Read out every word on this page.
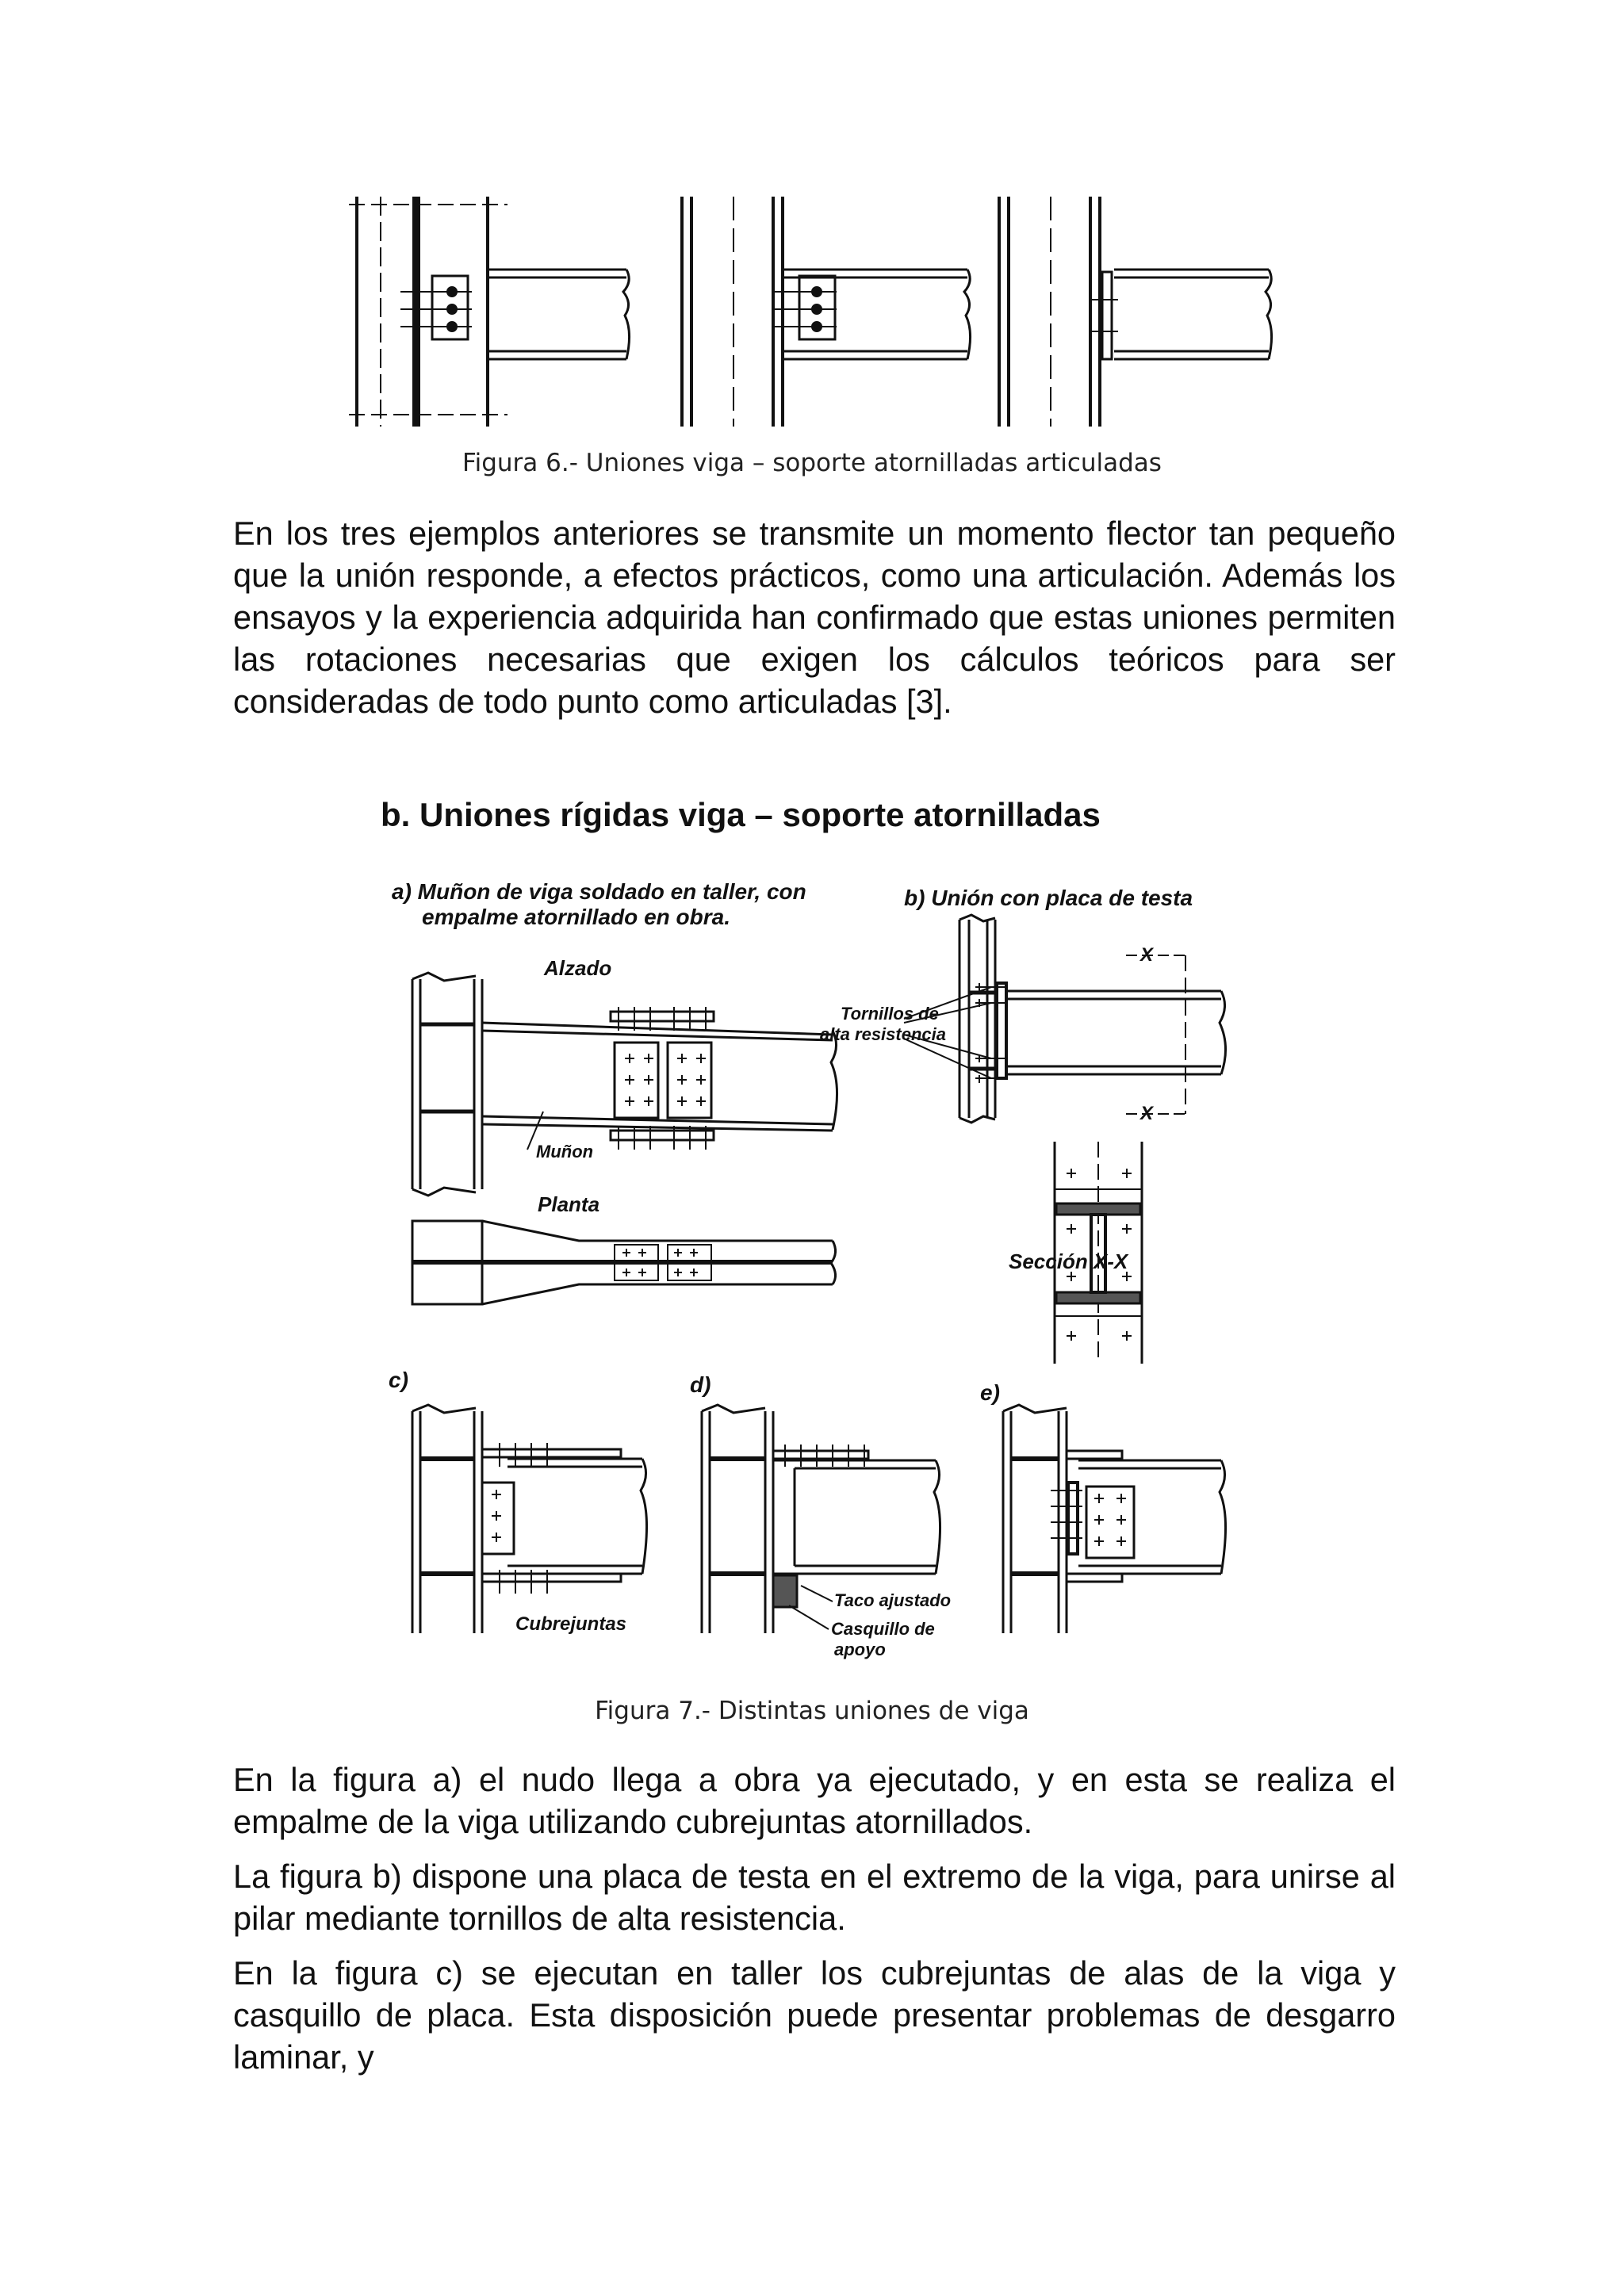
Figura 6.- Uniones viga – soporte atornilladas articuladas

En los tres ejemplos anteriores se transmite un momento flector tan pequeño que la unión responde, a efectos prácticos, como una articulación. Además los ensayos y la experiencia adquirida han confirmado que estas uniones permiten las rotaciones necesarias que exigen los cálculos teóricos para ser consideradas de todo punto como articuladas [3].

b. Uniones rígidas viga – soporte atornilladas
a) Muñon de viga soldado en taller, con
empalme atornillado en obra.
b) Unión con placa de testa
Alzado
Planta
Muñon
Tornillos de
alta resistencia
Sección X-X
X
X
c)	d)	e)
Cubrejuntas
Taco ajustado
Casquillo de
apoyo
Figura 7.- Distintas uniones de viga

En la figura a) el nudo llega a obra ya ejecutado, y en esta se realiza el empalme de la viga utilizando cubrejuntas atornillados.

La figura b) dispone una placa de testa en el extremo de la viga, para unirse al pilar mediante tornillos de alta resistencia.

En la figura c) se ejecutan en taller los cubrejuntas de alas de la viga y casquillo de placa. Esta disposición puede presentar problemas de desgarro laminar, y
